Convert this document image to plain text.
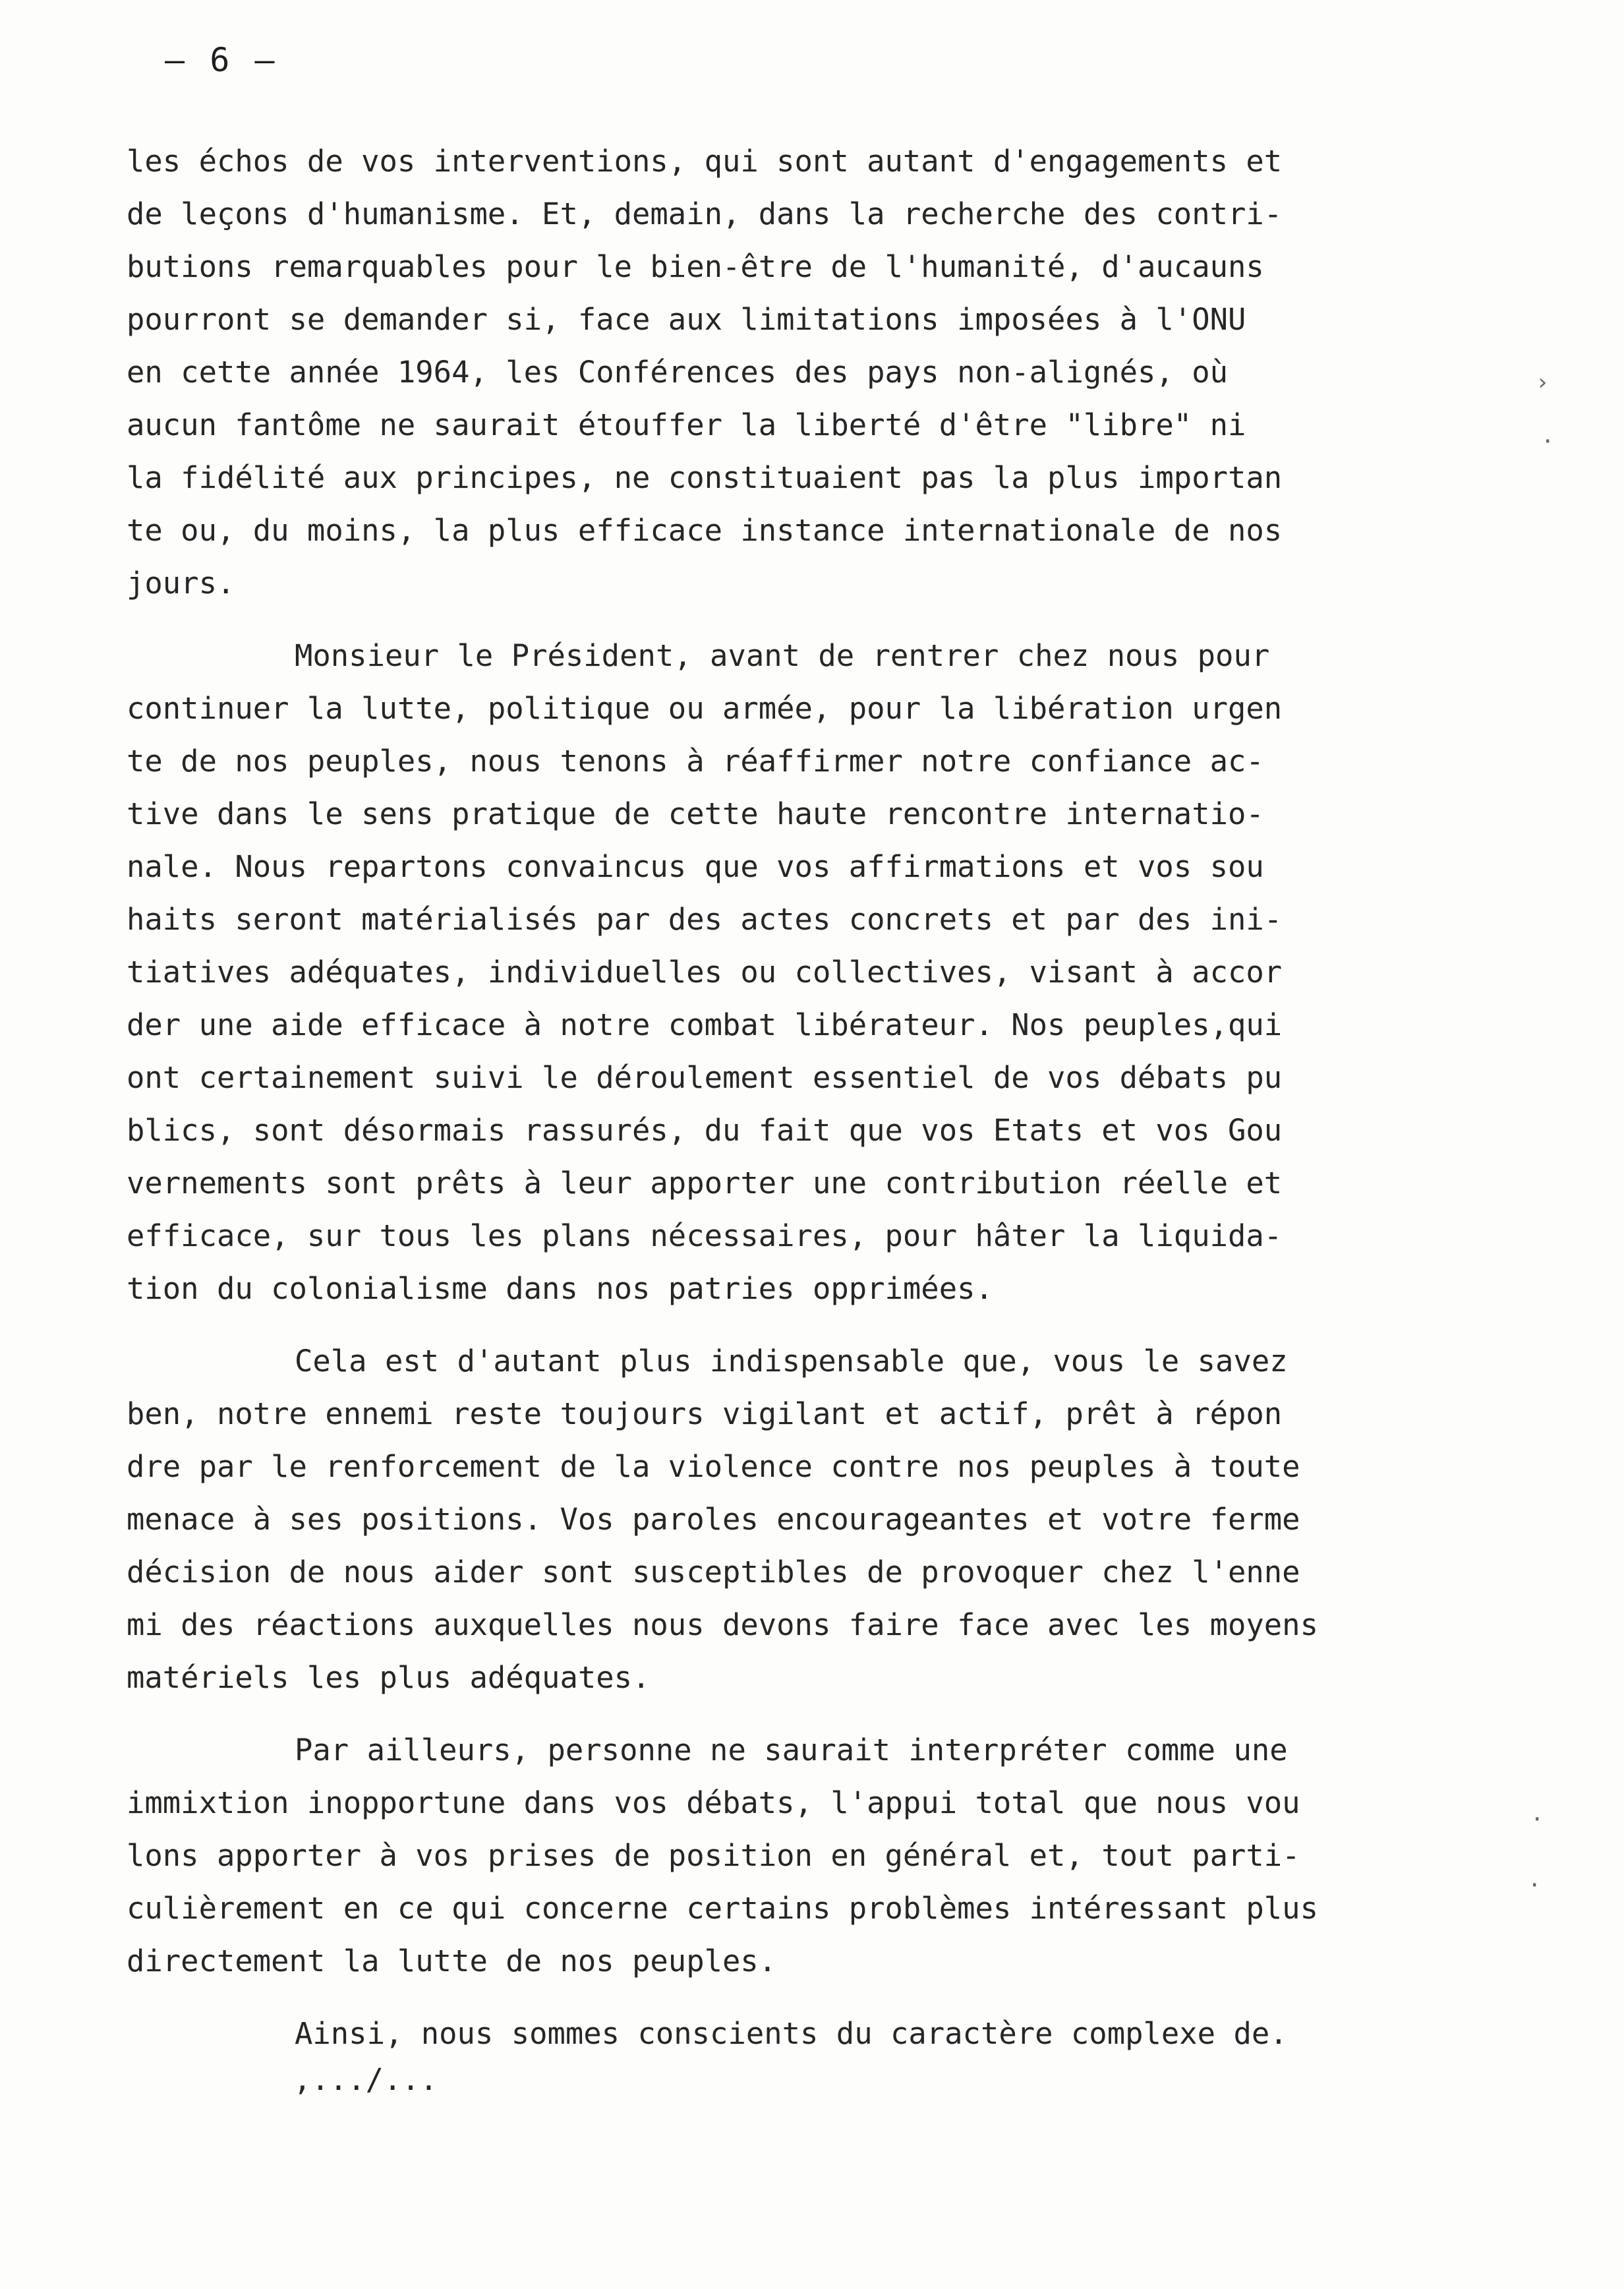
– 6 –
les échos de vos interventions, qui sont autant d'engagements et
de leçons d'humanisme. Et, demain, dans la recherche des contri-
butions remarquables pour le bien-être de l'humanité, d'aucauns
pourront se demander si, face aux limitations imposées à l'ONU
en cette année 1964, les Conférences des pays non-alignés, où
aucun fantôme ne saurait étouffer la liberté d'être "libre" ni
la fidélité aux principes, ne constituaient pas la plus importan
te ou, du moins, la plus efficace instance internationale de nos
jours.
Monsieur le Président, avant de rentrer chez nous pour
continuer la lutte, politique ou armée, pour la libération urgen
te de nos peuples, nous tenons à réaffirmer notre confiance ac-
tive dans le sens pratique de cette haute rencontre internatio-
nale. Nous repartons convaincus que vos affirmations et vos sou
haits seront matérialisés par des actes concrets et par des ini-
tiatives adéquates, individuelles ou collectives, visant à accor
der une aide efficace à notre combat libérateur. Nos peuples,qui
ont certainement suivi le déroulement essentiel de vos débats pu
blics, sont désormais rassurés, du fait que vos Etats et vos Gou
vernements sont prêts à leur apporter une contribution réelle et
efficace, sur tous les plans nécessaires, pour hâter la liquida-
tion du colonialisme dans nos patries opprimées.
Cela est d'autant plus indispensable que, vous le savez
ben, notre ennemi reste toujours vigilant et actif, prêt à répon
dre par le renforcement de la violence contre nos peuples à toute
menace à ses positions. Vos paroles encourageantes et votre ferme
décision de nous aider sont susceptibles de provoquer chez l'enne
mi des réactions auxquelles nous devons faire face avec les moyens
matériels les plus adéquates.
Par ailleurs, personne ne saurait interpréter comme une
immixtion inopportune dans vos débats, l'appui total que nous vou
lons apporter à vos prises de position en général et, tout parti-
culièrement en ce qui concerne certains problèmes intéressant plus
directement la lutte de nos peuples.
Ainsi, nous sommes conscients du caractère complexe de.
,.../...
›
·
·
·
